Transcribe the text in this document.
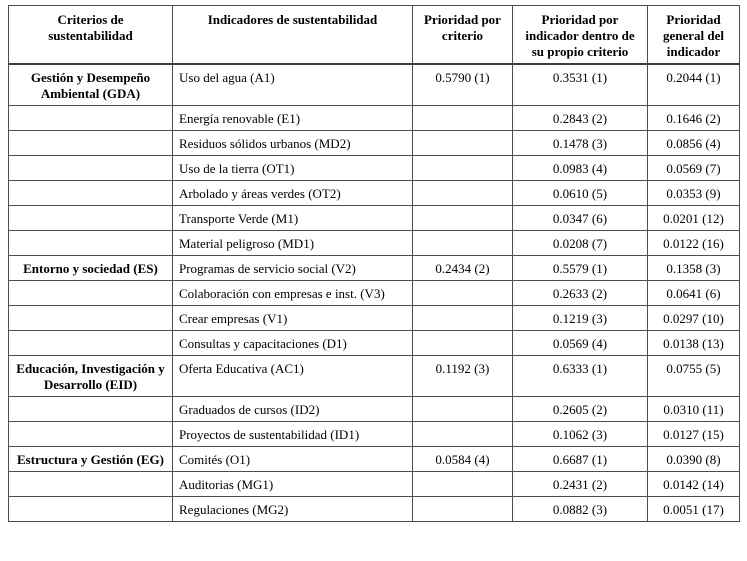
Criterios de sustentabilidad	Indicadores de sustentabilidad	Prioridad por criterio	Prioridad por indicador dentro de su propio criterio	Prioridad general del indicador
Gestión y Desempeño Ambiental (GDA)	Uso del agua (A1)	0.5790 (1)	0.3531 (1)	0.2044 (1)
	Energía renovable (E1)		0.2843 (2)	0.1646 (2)
	Residuos sólidos urbanos (MD2)		0.1478 (3)	0.0856 (4)
	Uso de la tierra (OT1)		0.0983 (4)	0.0569 (7)
	Arbolado y áreas verdes (OT2)		0.0610 (5)	0.0353 (9)
	Transporte Verde (M1)		0.0347 (6)	0.0201 (12)
	Material peligroso (MD1)		0.0208 (7)	0.0122 (16)
Entorno y sociedad (ES)	Programas de servicio social (V2)	0.2434 (2)	0.5579 (1)	0.1358 (3)
	Colaboración con empresas e inst. (V3)		0.2633 (2)	0.0641 (6)
	Crear empresas (V1)		0.1219 (3)	0.0297 (10)
	Consultas y capacitaciones (D1)		0.0569 (4)	0.0138 (13)
Educación, Investigación y Desarrollo (EID)	Oferta Educativa (AC1)	0.1192 (3)	0.6333 (1)	0.0755 (5)
	Graduados de cursos (ID2)		0.2605 (2)	0.0310 (11)
	Proyectos de sustentabilidad (ID1)		0.1062 (3)	0.0127 (15)
Estructura y Gestión (EG)	Comités (O1)	0.0584 (4)	0.6687 (1)	0.0390 (8)
	Auditorias (MG1)		0.2431 (2)	0.0142 (14)
	Regulaciones (MG2)		0.0882 (3)	0.0051 (17)
